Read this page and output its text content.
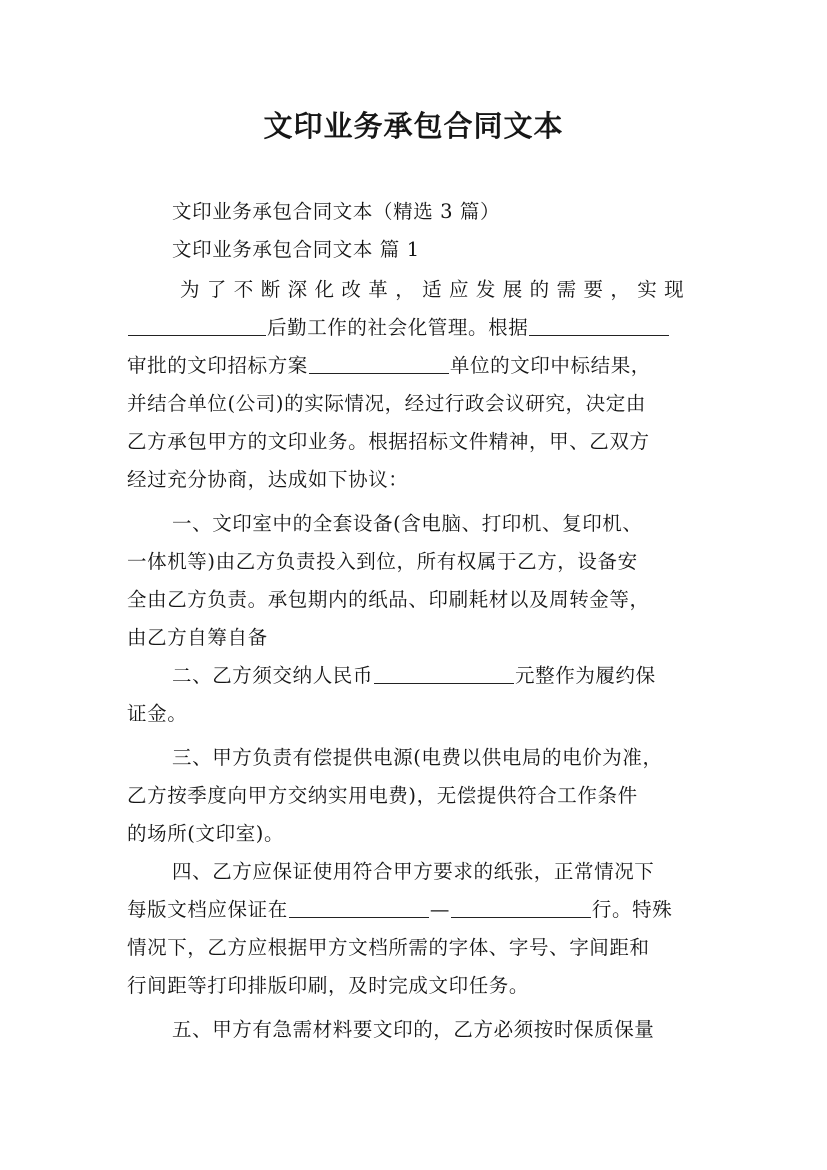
文印业务承包合同文本
文印业务承包合同文本（精选 3 篇）
文印业务承包合同文本 篇 1
为 了 不 断 深 化 改 革 ， 适 应 发 展 的 需 要 ， 实 现
后勤工作的社会化管理。根据
审批的文印招标方案	单位的文印中标结果，
并结合单位(公司)的实际情况，经过行政会议研究，决定由
乙方承包甲方的文印业务。根据招标文件精神，甲、乙双方
经过充分协商，达成如下协议：
一、文印室中的全套设备(含电脑、打印机、复印机、
一体机等)由乙方负责投入到位，所有权属于乙方，设备安
全由乙方负责。承包期内的纸品、印刷耗材以及周转金等，
由乙方自筹自备
二、乙方须交纳人民币	元整作为履约保
证金。
三、甲方负责有偿提供电源(电费以供电局的电价为准，
乙方按季度向甲方交纳实用电费)，无偿提供符合工作条件
的场所(文印室)。
四、乙方应保证使用符合甲方要求的纸张，正常情况下
每版文档应保证在	—	行。特殊
情况下，乙方应根据甲方文档所需的字体、字号、字间距和
行间距等打印排版印刷，及时完成文印任务。
五、甲方有急需材料要文印的，乙方必须按时保质保量
